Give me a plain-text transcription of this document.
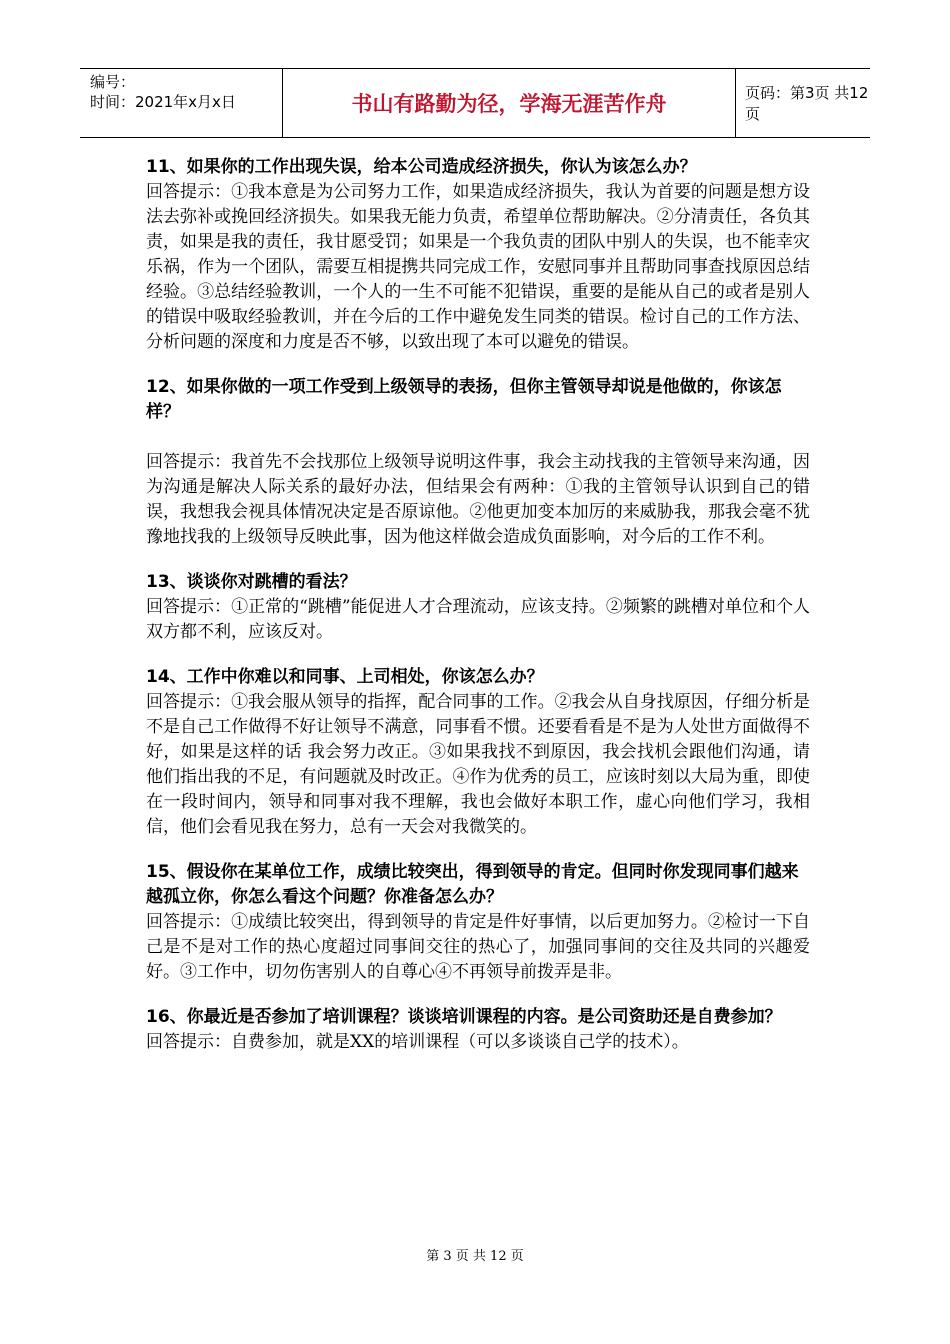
编号：
时间：2021年x月x日	书山有路勤为径，学海无涯苦作舟	页码：第3页 共12页

11、如果你的工作出现失误，给本公司造成经济损失，你认为该怎么办？

回答提示：①我本意是为公司努力工作，如果造成经济损失，我认为首要的问题是想方设法去弥补或挽回经济损失。如果我无能力负责，希望单位帮助解决。②分清责任，各负其责，如果是我的责任，我甘愿受罚；如果是一个我负责的团队中别人的失误，也不能幸灾乐祸，作为一个团队，需要互相提携共同完成工作，安慰同事并且帮助同事查找原因总结经验。③总结经验教训，一个人的一生不可能不犯错误，重要的是能从自己的或者是别人的错误中吸取经验教训，并在今后的工作中避免发生同类的错误。检讨自己的工作方法、分析问题的深度和力度是否不够，以致出现了本可以避免的错误。

12、如果你做的一项工作受到上级领导的表扬，但你主管领导却说是他做的，你该怎样？

回答提示：我首先不会找那位上级领导说明这件事，我会主动找我的主管领导来沟通，因为沟通是解决人际关系的最好办法，但结果会有两种：①我的主管领导认识到自己的错误，我想我会视具体情况决定是否原谅他。②他更加变本加厉的来威胁我，那我会毫不犹豫地找我的上级领导反映此事，因为他这样做会造成负面影响，对今后的工作不利。

13、谈谈你对跳槽的看法？

回答提示：①正常的“跳槽”能促进人才合理流动，应该支持。②频繁的跳槽对单位和个人双方都不利，应该反对。

14、工作中你难以和同事、上司相处，你该怎么办？

回答提示：①我会服从领导的指挥，配合同事的工作。②我会从自身找原因，仔细分析是不是自己工作做得不好让领导不满意，同事看不惯。还要看看是不是为人处世方面做得不好，如果是这样的话 我会努力改正。③如果我找不到原因，我会找机会跟他们沟通，请他们指出我的不足，有问题就及时改正。④作为优秀的员工，应该时刻以大局为重，即使在一段时间内，领导和同事对我不理解，我也会做好本职工作，虚心向他们学习，我相信，他们会看见我在努力，总有一天会对我微笑的。

15、假设你在某单位工作，成绩比较突出，得到领导的肯定。但同时你发现同事们越来越孤立你，你怎么看这个问题？你准备怎么办？

回答提示：①成绩比较突出，得到领导的肯定是件好事情，以后更加努力。②检讨一下自己是不是对工作的热心度超过同事间交往的热心了，加强同事间的交往及共同的兴趣爱好。③工作中，切勿伤害别人的自尊心④不再领导前拨弄是非。

16、你最近是否参加了培训课程？谈谈培训课程的内容。是公司资助还是自费参加？

回答提示：自费参加，就是XX的培训课程（可以多谈谈自己学的技术）。

第 3 页 共 12 页
